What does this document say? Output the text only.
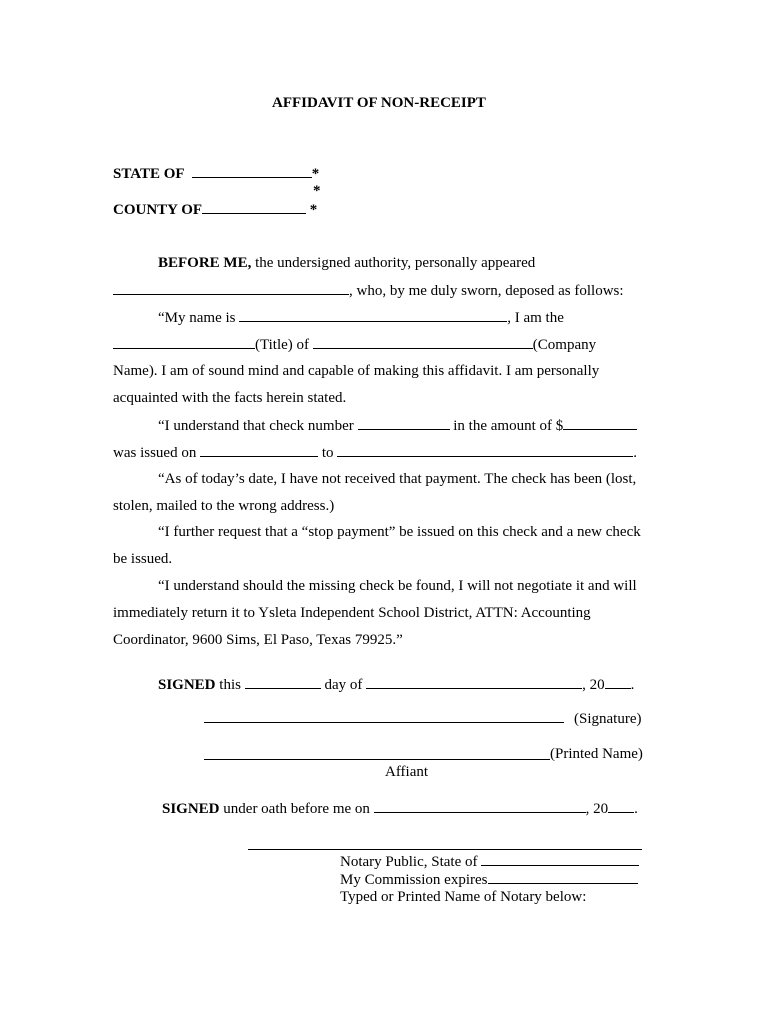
AFFIDAVIT OF NON-RECEIPT
STATE OF	*
*
COUNTY OF	*
BEFORE ME, the undersigned authority, personally appeared
, who, by me duly sworn, deposed as follows:
“My name is	, I am the
(Title) of	(Company
Name). I am of sound mind and capable of making this affidavit. I am personally
acquainted with the facts herein stated.
“I understand that check number	in the amount of $
was issued on	to	.
“As of today’s date, I have not received that payment. The check has been (lost,
stolen, mailed to the wrong address.)
“I further request that a “stop payment” be issued on this check and a new check
be issued.
“I understand should the missing check be found, I will not negotiate it and will
immediately return it to Ysleta Independent School District, ATTN: Accounting
Coordinator, 9600 Sims, El Paso, Texas 79925.”
SIGNED this	day of	, 20 .
(Signature)
(Printed Name)
Affiant
SIGNED under oath before me on	, 20 .
Notary Public, State of
My Commission expires
Typed or Printed Name of Notary below:
